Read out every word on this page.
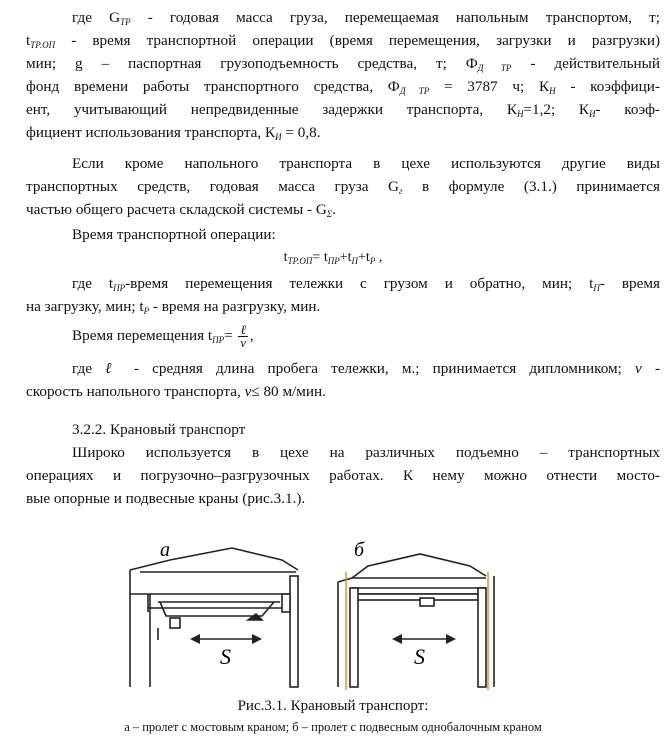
где $G_{ТР}$ - годовая масса груза, перемещаемая напольным транспортом, т;
$t_{ТР.ОП}$ - время транспортной операции (время перемещения, загрузки и разгрузки)
мин; g – паспортная грузоподъемность средства, т; $Ф_{Д ТР}$ - действительный
фонд времени работы транспортного средства, $Ф_{Д ТР} = 3787$ ч; $К_Н$ - коэффици-
ент, учитывающий непредвиденные задержки транспорта, $К_Н=1,2$; $К_И-$ коэф-
фициент использования транспорта, $К_И = 0,8$.
Если кроме напольного транспорта в цехе используются другие виды
транспортных средств, годовая масса груза $G_г$ в формуле (3.1.) принимается
частью общего расчета складской системы - $G_\Sigma$.
Время транспортной операции:
$t_{ТР.ОП}= t_{ПР}+t_П+t_Р$ ,
где $t_{ПР}$-время перемещения тележки с грузом и обратно, мин; $t_П-$ время
на загрузку, мин; $t_Р$ - время на разгрузку, мин.
Время перемещения $t_{ПР}= \frac{\text{ℓ}}{v}$ ,
где ℓ - средняя длина пробега тележки, м.; принимается дипломником; v -
скорость напольного транспорта, v≤ 80 м/мин.
3.2.2. Крановый транспорт
Широко используется в цехе на различных подъемно – транспортных
операциях и погрузочно–разгрузочных работах. К нему можно отнести мосто-
вые опорные и подвесные краны (рис.3.1.).
а	б
S	S
Рис.3.1. Крановый транспорт:
а – пролет с мостовым краном; б – пролет с подвесным однобалочным краном
